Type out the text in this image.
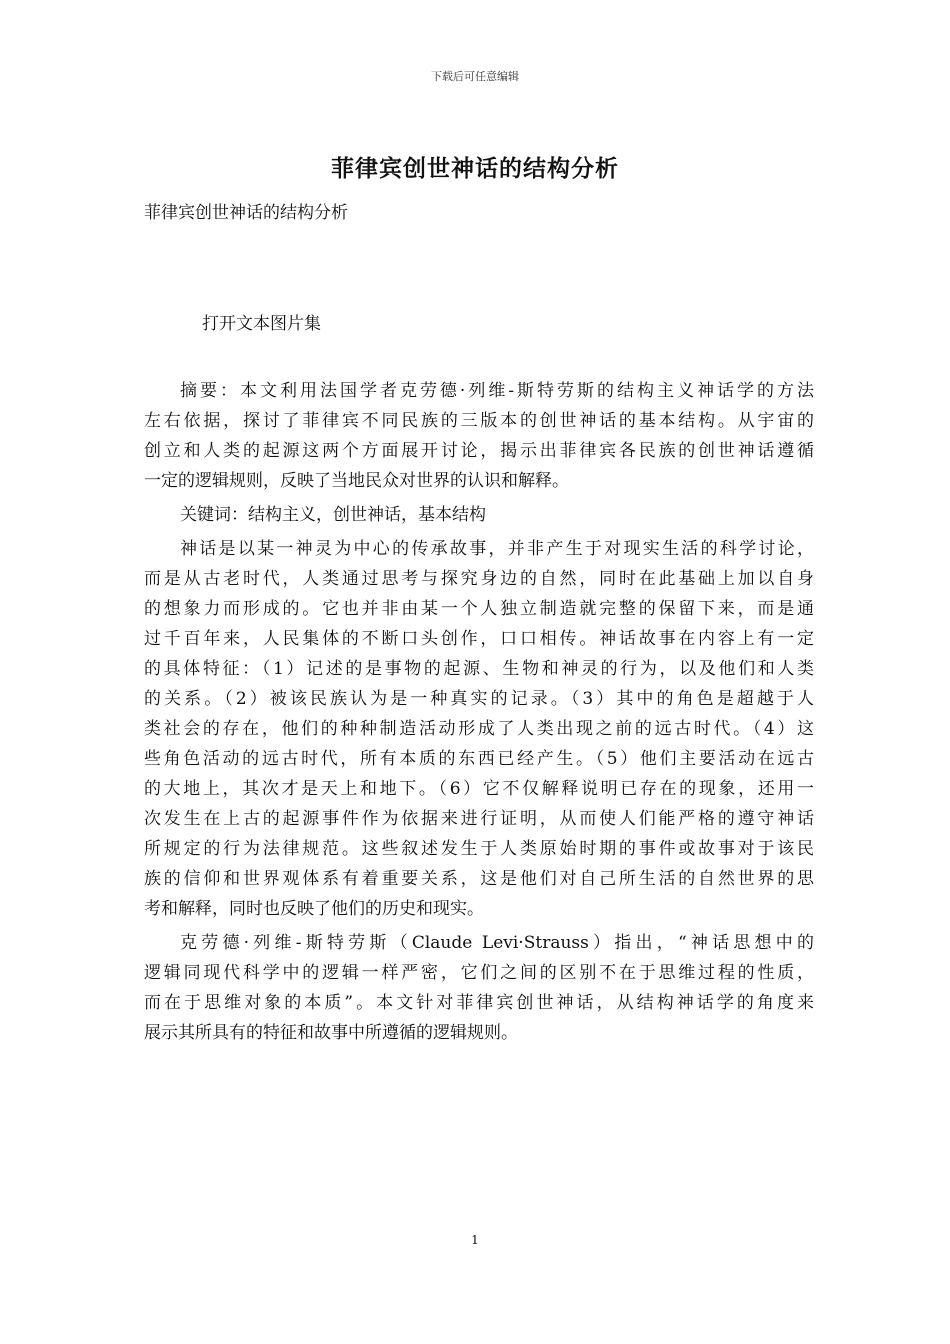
下载后可任意编辑
菲律宾创世神话的结构分析
菲律宾创世神话的结构分析
打开文本图片集
摘要：本文利用法国学者克劳德·列维-斯特劳斯的结构主义神话学的方法
左右依据，探讨了菲律宾不同民族的三版本的创世神话的基本结构。从宇宙的
创立和人类的起源这两个方面展开讨论，揭示出菲律宾各民族的创世神话遵循
一定的逻辑规则，反映了当地民众对世界的认识和解释。
关键词：结构主义，创世神话，基本结构
神话是以某一神灵为中心的传承故事，并非产生于对现实生活的科学讨论，
而是从古老时代，人类通过思考与探究身边的自然，同时在此基础上加以自身
的想象力而形成的。它也并非由某一个人独立制造就完整的保留下来，而是通
过千百年来，人民集体的不断口头创作，口口相传。神话故事在内容上有一定
的具体特征：（1）记述的是事物的起源、生物和神灵的行为，以及他们和人类
的关系。（2）被该民族认为是一种真实的记录。（3）其中的角色是超越于人
类社会的存在，他们的种种制造活动形成了人类出现之前的远古时代。（4）这
些角色活动的远古时代，所有本质的东西已经产生。（5）他们主要活动在远古
的大地上，其次才是天上和地下。（6）它不仅解释说明已存在的现象，还用一
次发生在上古的起源事件作为依据来进行证明，从而使人们能严格的遵守神话
所规定的行为法律规范。这些叙述发生于人类原始时期的事件或故事对于该民
族的信仰和世界观体系有着重要关系，这是他们对自己所生活的自然世界的思
考和解释，同时也反映了他们的历史和现实。
克劳德·列维-斯特劳斯（Claude Levi·Strauss）指出，“神话思想中的
逻辑同现代科学中的逻辑一样严密，它们之间的区别不在于思维过程的性质，
而在于思维对象的本质”。本文针对菲律宾创世神话，从结构神话学的角度来
展示其所具有的特征和故事中所遵循的逻辑规则。
1
